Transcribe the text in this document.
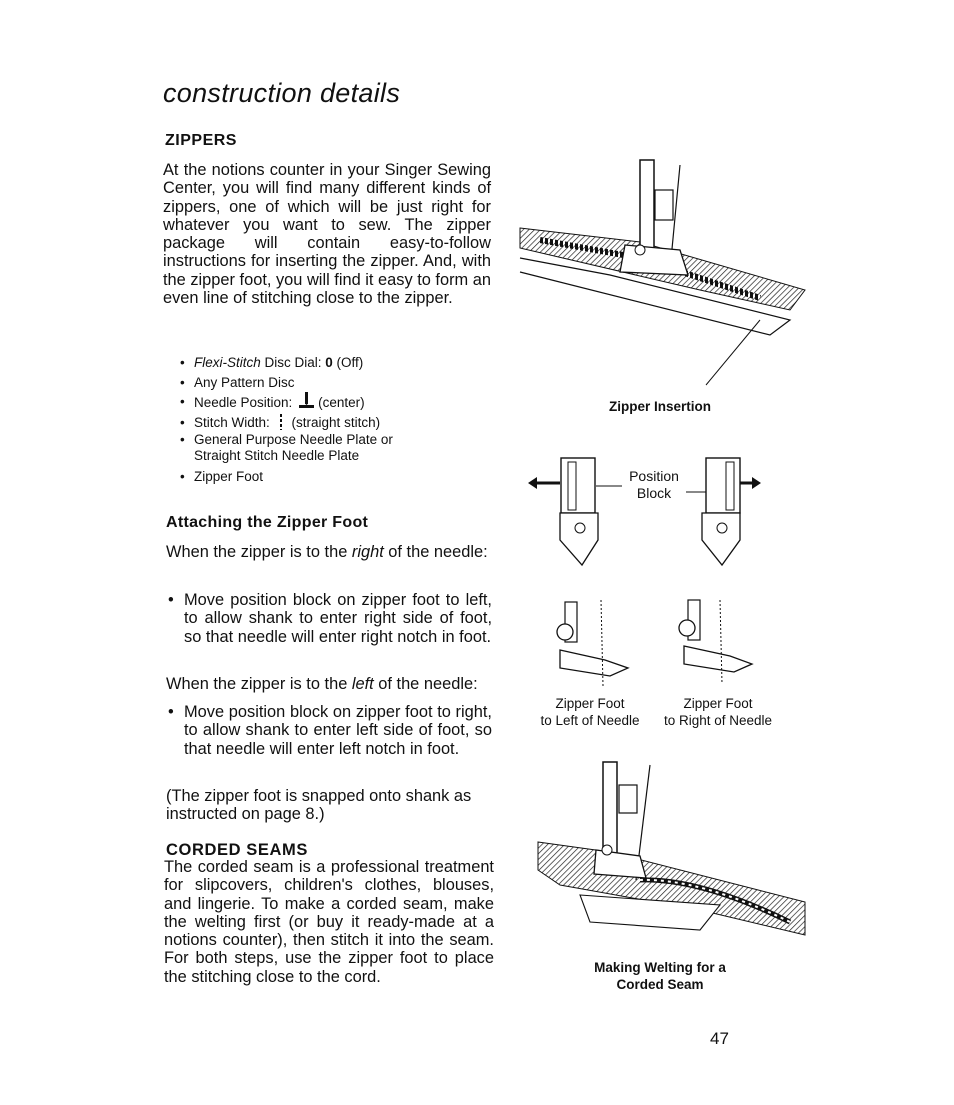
construction details
ZIPPERS
At the notions counter in your Singer Sewing Center, you will find many different kinds of zippers, one of which will be just right for whatever you want to sew. The zipper package will contain easy-to-follow instructions for inserting the zipper. And, with the zipper foot, you will find it easy to form an even line of stitching close to the zipper.
• Flexi-Stitch Disc Dial: 0 (Off)
• Any Pattern Disc
• Needle Position: (center)
• Stitch Width: (straight stitch)
• General Purpose Needle Plate or
Straight Stitch Needle Plate
• Zipper Foot
Attaching the Zipper Foot
When the zipper is to the right of the needle:
• Move position block on zipper foot to left, to allow shank to enter right side of foot, so that needle will enter right notch in foot.
When the zipper is to the left of the needle:
• Move position block on zipper foot to right, to allow shank to enter left side of foot, so that needle will enter left notch in foot.
(The zipper foot is snapped onto shank as instructed on page 8.)
CORDED SEAMS
The corded seam is a professional treatment for slipcovers, children's clothes, blouses, and lingerie. To make a corded seam, make the welting first (or buy it ready-made at a notions counter), then stitch it into the seam. For both steps, use the zipper foot to place the stitching close to the cord.
Zipper Insertion
Position Block
Zipper Foot
to Left of Needle
Zipper Foot
to Right of Needle
Making Welting for a
Corded Seam
47
